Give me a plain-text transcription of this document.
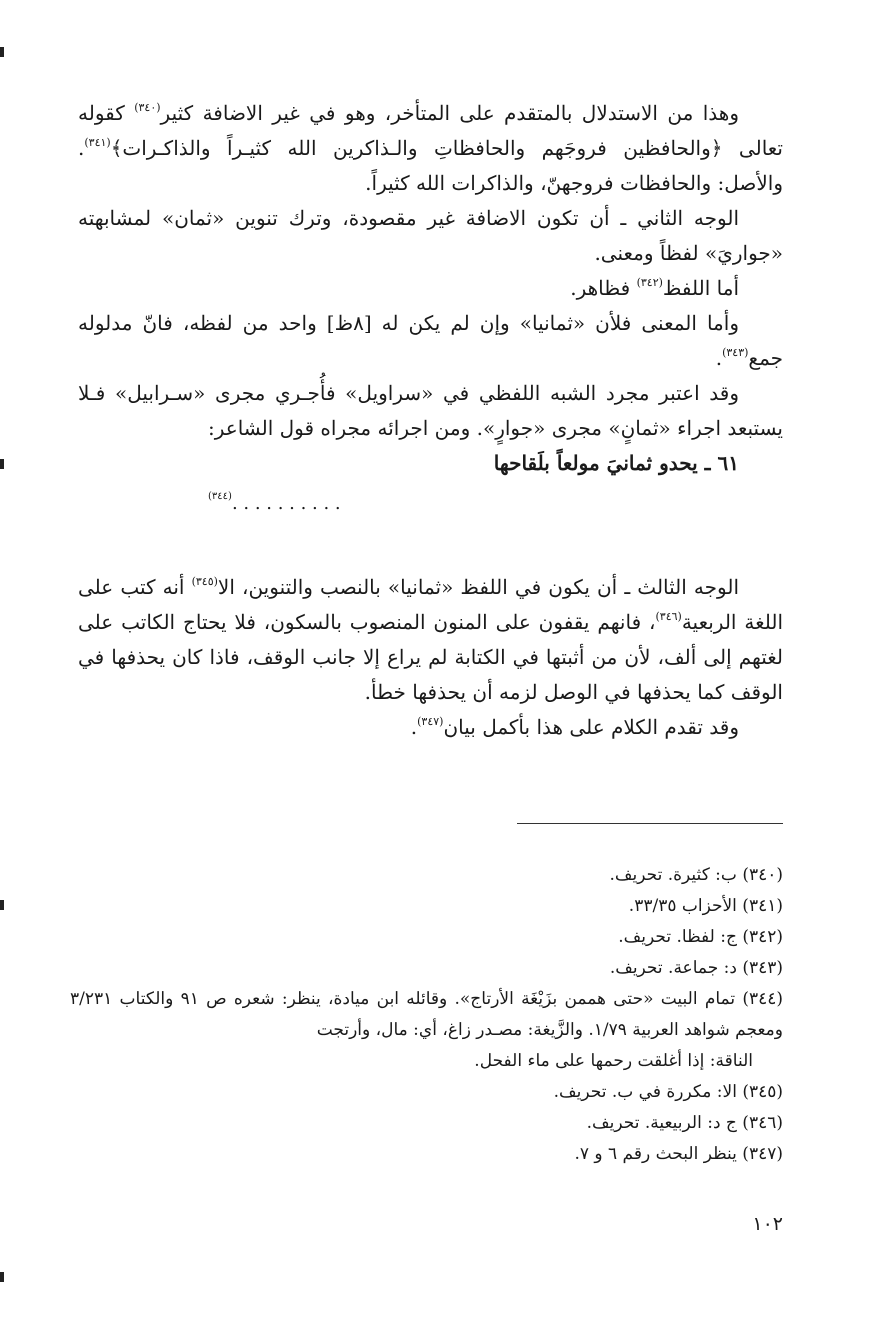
وهذا من الاستدلال بالمتقدم على المتأخر، وهو في غير الاضافة كثير$^{(٣٤٠)}$ كقوله تعالى ﴿والحافظين فروجَهم والحافظاتِ والـذاكرين الله كثيـراً والذاكـرات﴾$^{(٣٤١)}$. والأصل: والحافظات فروجهنّ، والذاكرات الله كثيراً.

الوجه الثاني ـ أن تكون الاضافة غير مقصودة، وترك تنوين «ثمان» لمشابهته «جواريَ» لفظاً ومعنى.

أما اللفظ$^{(٣٤٢)}$ فظاهر.

وأما المعنى فلأن «ثمانيا» وإن لم يكن له [٨ظ] واحد من لفظه، فانّ مدلوله جمع$^{(٣٤٣)}$.

وقد اعتبر مجرد الشبه اللفظي في «سراويل» فأُجـري مجرى «سـرابيل» فـلا يستبعد اجراء «ثمانٍ» مجرى «جوارٍ». ومن اجرائه مجراه قول الشاعر:

٦١ ـ يحدو ثمانيَ مولعاً بلَقاحها

$^{(٣٤٤)}$. . . . . . . . . .

الوجه الثالث ـ أن يكون في اللفظ «ثمانيا» بالنصب والتنوين، الا$^{(٣٤٥)}$ أنه كتب على اللغة الربعية$^{(٣٤٦)}$، فانهم يقفون على المنون المنصوب بالسكون، فلا يحتاج الكاتب على لغتهم إلى ألف، لأن من أثبتها في الكتابة لم يراع إلا جانب الوقف، فاذا كان يحذفها في الوقف كما يحذفها في الوصل لزمه أن يحذفها خطأ.

وقد تقدم الكلام على هذا بأكمل بيان$^{(٣٤٧)}$.

(٣٤٠) ب: كثيرة. تحريف.

(٣٤١) الأحزاب ٣٣/٣٥.

(٣٤٢) ج: لفظا. تحريف.

(٣٤٣) د: جماعة. تحريف.

(٣٤٤) تمام البيت «حتى هممن بزَيْغَة الأرتاج». وقائله ابن ميادة، ينظر: شعره ص ٩١ والكتاب ٣/٢٣١ ومعجم شواهد العربية ١/٧٩. والزَّيغة: مصـدر زاغ، أي: مال، وأرتجت

الناقة: إذا أغلقت رحمها على ماء الفحل.

(٣٤٥) الا: مكررة في ب. تحريف.

(٣٤٦) ج د: الربيعية. تحريف.

(٣٤٧) ينظر البحث رقم ٦ و ٧.

١٠٢
